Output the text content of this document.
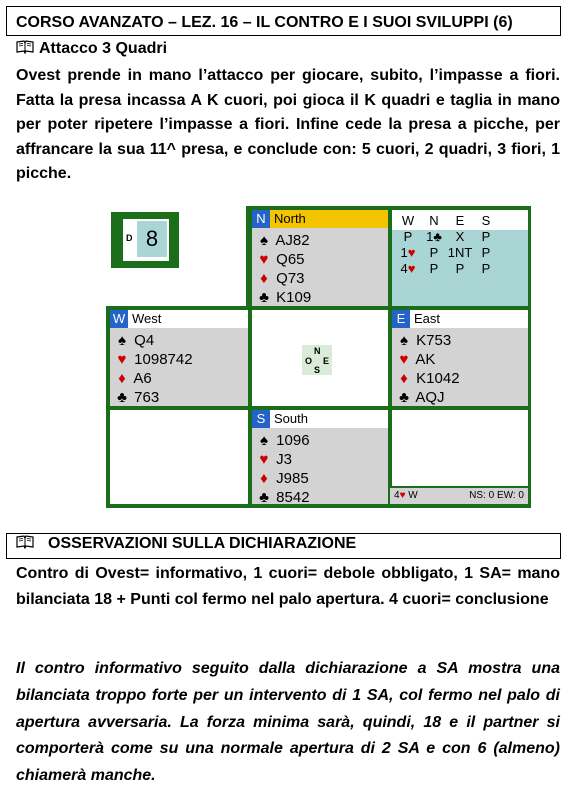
CORSO AVANZATO – LEZ. 16 – IL CONTRO E I SUOI SVILUPPI (6)
Attacco 3 Quadri
Ovest prende in mano l’attacco per giocare, subito, l’impasse a fiori. Fatta la presa incassa A K cuori, poi gioca il K quadri e taglia in mano per poter ripetere l’impasse a fiori. Infine cede la presa a picche, per affrancare la sua 11^ presa, e conclude con: 5 cuori, 2 quadri, 3 fiori, 1 picche.
D 8
N North
♠ AJ82
♥ Q65
♦ Q73
♣ K109
W	N	E	S
P	1♣	X	P
1♥	P	1NT	P
4♥	P	P	P
W West
♠ Q4
♥ 1098742
♦ A6
♣ 763
N
O E
S
E East
♠ K753
♥ AK
♦ K1042
♣ AQJ
S South
♠ 1096
♥ J3
♦ J985
♣ 8542	4♥ W	NS: 0 EW: 0
OSSERVAZIONI SULLA DICHIARAZIONE
Contro di Ovest= informativo, 1 cuori= debole obbligato, 1 SA= mano bilanciata 18 + Punti col fermo nel palo apertura. 4 cuori= conclusione
Il contro informativo seguito dalla dichiarazione a SA mostra una bilanciata troppo forte per un intervento di 1 SA, col fermo nel palo di apertura avversaria. La forza minima sarà, quindi, 18 e il partner si comporterà come su una normale apertura di 2 SA e con 6 (almeno) chiamerà manche.
